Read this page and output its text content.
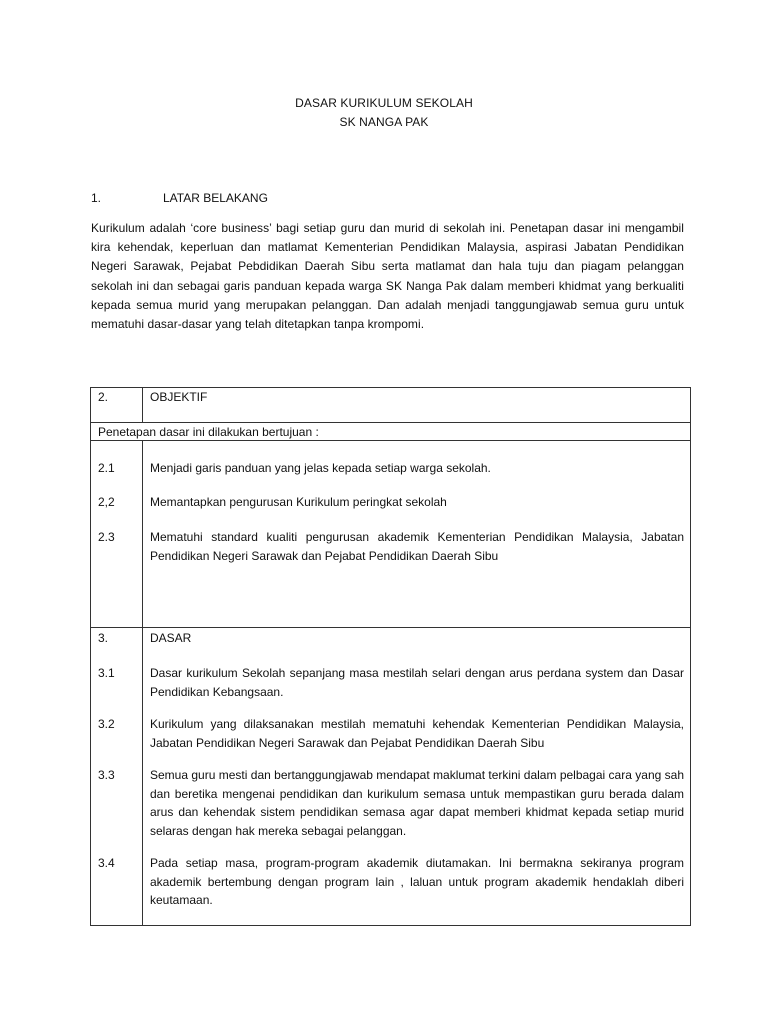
DASAR KURIKULUM SEKOLAH
SK NANGA PAK
1.	LATAR BELAKANG
Kurikulum adalah ‘core business’ bagi setiap guru dan murid di sekolah ini. Penetapan dasar ini mengambil kira kehendak, keperluan dan matlamat Kementerian Pendidikan Malaysia, aspirasi Jabatan Pendidikan Negeri Sarawak, Pejabat Pebdidikan Daerah Sibu serta matlamat dan hala tuju dan piagam pelanggan sekolah ini dan sebagai garis panduan kepada warga SK Nanga Pak dalam memberi khidmat yang berkualiti kepada semua murid yang merupakan pelanggan. Dan adalah menjadi tanggungjawab semua guru untuk mematuhi dasar-dasar yang telah ditetapkan tanpa krompomi.
2.	OBJEKTIF
Penetapan dasar ini dilakukan bertujuan :
2.1	Menjadi garis panduan yang jelas kepada setiap warga sekolah.
2,2	Memantapkan pengurusan Kurikulum peringkat sekolah
2.3	Mematuhi standard kualiti pengurusan akademik Kementerian Pendidikan Malaysia, Jabatan Pendidikan Negeri Sarawak dan Pejabat Pendidikan Daerah Sibu
3.	DASAR
3.1	Dasar kurikulum Sekolah sepanjang masa mestilah selari dengan arus perdana system dan Dasar Pendidikan Kebangsaan.
3.2	Kurikulum yang dilaksanakan mestilah mematuhi kehendak Kementerian Pendidikan Malaysia, Jabatan Pendidikan Negeri Sarawak dan Pejabat Pendidikan Daerah Sibu
3.3	Semua guru mesti dan bertanggungjawab mendapat maklumat terkini dalam pelbagai cara yang sah dan beretika mengenai pendidikan dan kurikulum semasa untuk mempastikan guru berada dalam arus dan kehendak sistem pendidikan semasa agar dapat memberi khidmat kepada setiap murid selaras dengan hak mereka sebagai pelanggan.
3.4	Pada setiap masa, program-program akademik diutamakan. Ini bermakna sekiranya program akademik bertembung dengan program lain , laluan untuk program akademik hendaklah diberi keutamaan.
